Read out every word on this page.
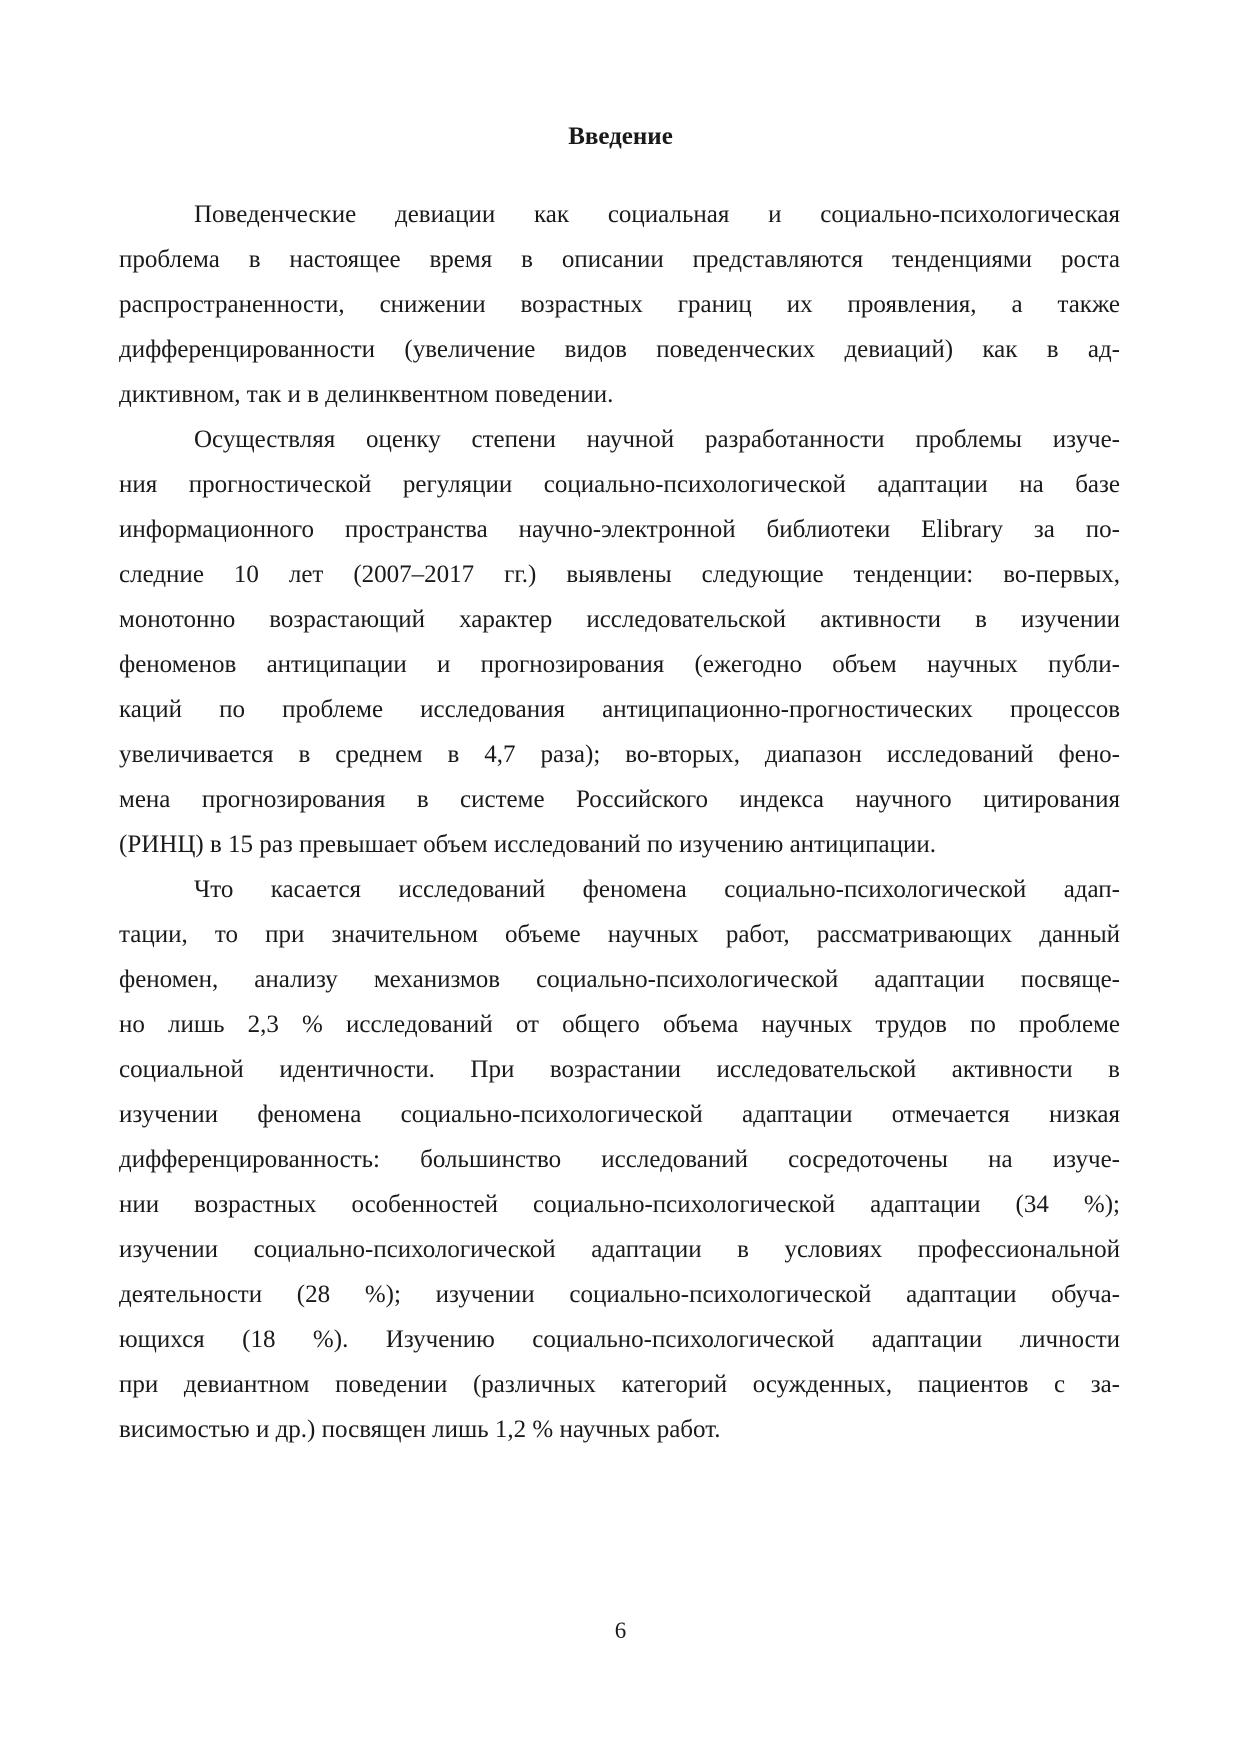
Введение

Поведенческие девиации как социальная и социально-психологическая

проблема в настоящее время в описании представляются тенденциями роста

распространенности, снижении возрастных границ их проявления, а также

дифференцированности (увеличение видов поведенческих девиаций) как в ад-

диктивном, так и в делинквентном поведении.

Осуществляя оценку степени научной разработанности проблемы изуче-

ния прогностической регуляции социально-психологической адаптации на базе

информационного пространства научно-электронной библиотеки Elibrary за по-

следние 10 лет (2007–2017 гг.) выявлены следующие тенденции: во-первых,

монотонно возрастающий характер исследовательской активности в изучении

феноменов антиципации и прогнозирования (ежегодно объем научных публи-

каций по проблеме исследования антиципационно-прогностических процессов

увеличивается в среднем в 4,7 раза); во-вторых, диапазон исследований фено-

мена прогнозирования в системе Российского индекса научного цитирования

(РИНЦ) в 15 раз превышает объем исследований по изучению антиципации.

Что касается исследований феномена социально-психологической адап-

тации, то при значительном объеме научных работ, рассматривающих данный

феномен, анализу механизмов социально-психологической адаптации посвяще-

но лишь 2,3 % исследований от общего объема научных трудов по проблеме

социальной идентичности. При возрастании исследовательской активности в

изучении феномена социально-психологической адаптации отмечается низкая

дифференцированность: большинство исследований сосредоточены на изуче-

нии возрастных особенностей социально-психологической адаптации (34 %);

изучении социально-психологической адаптации в условиях профессиональной

деятельности (28 %); изучении социально-психологической адаптации обуча-

ющихся (18 %). Изучению социально-психологической адаптации личности

при девиантном поведении (различных категорий осужденных, пациентов с за-

висимостью и др.) посвящен лишь 1,2 % научных работ.

6
